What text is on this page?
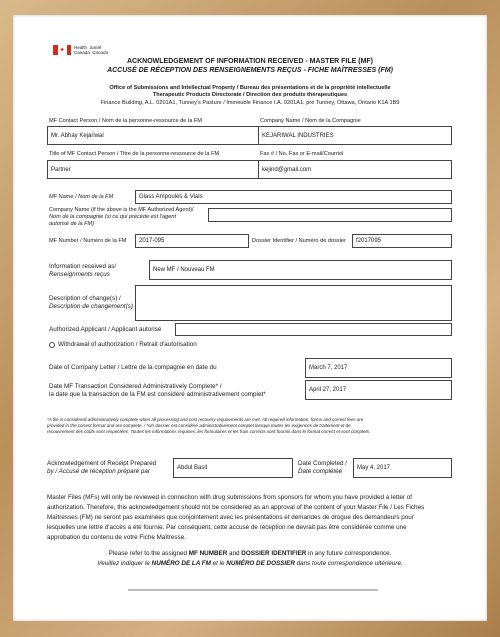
✦	Health Santé
Canada Canada
ACKNOWLEDGEMENT OF INFORMATION RECEIVED - MASTER FILE (MF)
ACCUSÉ DE RÉCEPTION DES RENSEIGNEMENTS REÇUS - FICHE MAÎTRESSES (FM)
Office of Submissions and Intellectual Property / Bureau des présentations et de la propriété intellectuelle
Therapeutic Products Directorate / Direction des produits thérapeutiques
Finance Building, A.L. 0201A1, Tunney's Pasture / Immeuble Finance I.A. 0201A1, pré Tunney, Ottawa, Ontario K1A 1B9
MF Contact Person / Nom de la personne-ressource de la FM
Mr. Abhay Kejariwal
Company Name / Nom de la Compagnie
KEJARIWAL INDUSTRIES
Title of MF Contact Person / Titre de la personne-ressource de la FM
Partner
Fax # / No. Fax or E-mail/Courriel
kejind@gmail.com
MF Name / Nom de la FM	Glass Ampoules & Vials
Company Name (if the above is the MF Authorized Agent)/
Nom de la compagnie (si ce qui précède est l'agent
autorisé de la FM)
MF Number / Numéro de la FM	2017-095	Dossier Identifier / Numéro de dossier	f2017095
Information received as/
Renseignments reçus
New MF / Nouveau FM
Description of change(s) /
Description de changement(s)
Authorized Applicant / Applicant autorisé
Withdrawal of authorization / Retrait d'autorisation
Date of Company Letter / Lettre de la compagnie en date du	March 7, 2017
Date MF Transaction Considered Administratively Complete* /
la date que la transaction de la FM est considéré administrativement complet*
April 27, 2017
*A file is considered administratively complete when all processing and cost recovery requirements are met. All required information, forms and correct fees are
provided in the correct format and are complete. / *Un dossier est considéré administrativement complet lorsque toutes les exigences de traitement et de
recouvrement des coûts sont respectées. Toutes les informations requises, les formulaires et les frais corrects sont fournis dans le format correct et sont complets.
Acknowledgement of Receipt Prepared
by / Accusé de réception préparé par	Abdul Basit
Date Completed /
Date complétée	May 4, 2017
Master Files (MFs) will only be reviewed in connection with drug submissions from sponsors for whom you have provided a letter of
authorization. Therefore, this acknowledgement should not be considered as an approval of the content of your Master File / Les Fiches
Maîtresses (FM) ne seront pas examinées que conjointement avec les présentations et demandes de drogue des demandeurs pour
lesquelles une lettre d'accès a été fournie. Par conséquent, cette accusé de réception ne devrait pas être considérée comme une
approbation du contenu de votre Fiche Maîtresse.
Please refer to the assigned MF NUMBER and DOSSIER IDENTIFIER in any future correspondence.
Veuillez indiquer le NUMÉRO DE LA FM et le NUMÉRO DE DOSSIER dans toute correspondance ultérieure.
